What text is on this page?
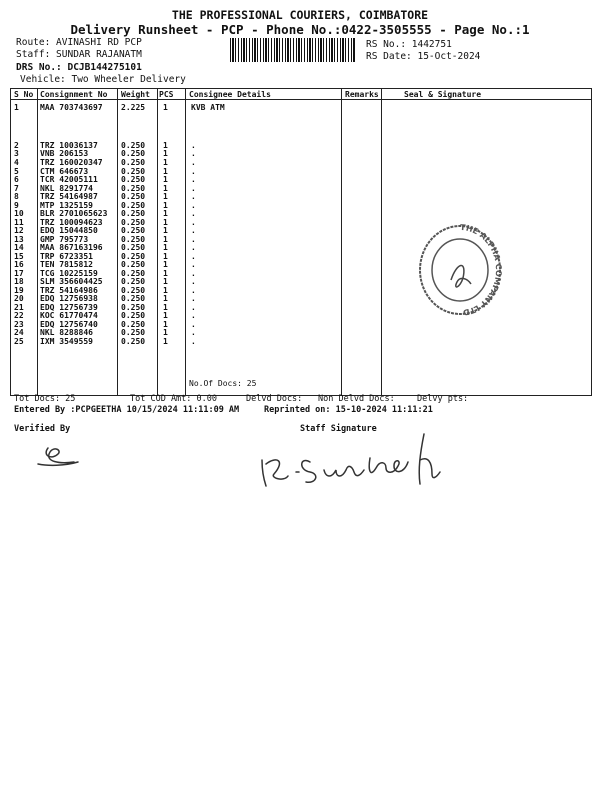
THE PROFESSIONAL COURIERS, COIMBATORE
Delivery Runsheet - PCP - Phone No.:0422-3505555 - Page No.:1
Route: AVINASHI RD PCP
Staff: SUNDAR RAJANATM
DRS No.: DCJB144275101
Vehicle: Two Wheeler Delivery
RS No.: 1442751
RS Date: 15-Oct-2024
S No Consignment No Weight PCS Consignee Details	Remarks	Seal & Signature
1	MAA 703743697 2.225 1	KVB ATM
2	TRZ 10036137	0.250 1	.
3	VNB 206153	0.250 1	.
4	TRZ 160020347 0.250 1	.
5	CTM 646673	0.250 1	.
6	TCR 42005111	0.250 1	.
7	NKL 8291774	0.250 1	.
8	TRZ 54164987	0.250 1	.
9	MTP 1325159	0.250 1	.
10 BLR 2701065623 0.250 1	.
11 TRZ 100094623 0.250 1	.
12 EDQ 15044850	0.250 1	.
13 GMP 795773	0.250 1	.
14 MAA 867163196 0.250 1	.
15 TRP 6723351	0.250 1	.
16 TEN 7815812	0.250 1	.
17 TCG 10225159	0.250 1	.
18 SLM 356604425 0.250 1	.
19 TRZ 54164986	0.250 1	.
20 EDQ 12756938	0.250 1	.
21 EDQ 12756739	0.250 1	.
22 KOC 61770474	0.250 1	.
23 EDQ 12756740	0.250 1	.
24 NKL 8288846	0.250 1	.
25 IXM 3549559	0.250 1	.
No.Of Docs: 25
THE ALPHA COMPANY LTD
Tot Docs: 25	Tot COD Amt: 0.00	Delvd Docs: Non Delvd Docs:	Delvy pts:
Entered By :PCPGEETHA 10/15/2024 11:11:09 AM	Reprinted on: 15-10-2024 11:11:21
Verified By	Staff Signature
